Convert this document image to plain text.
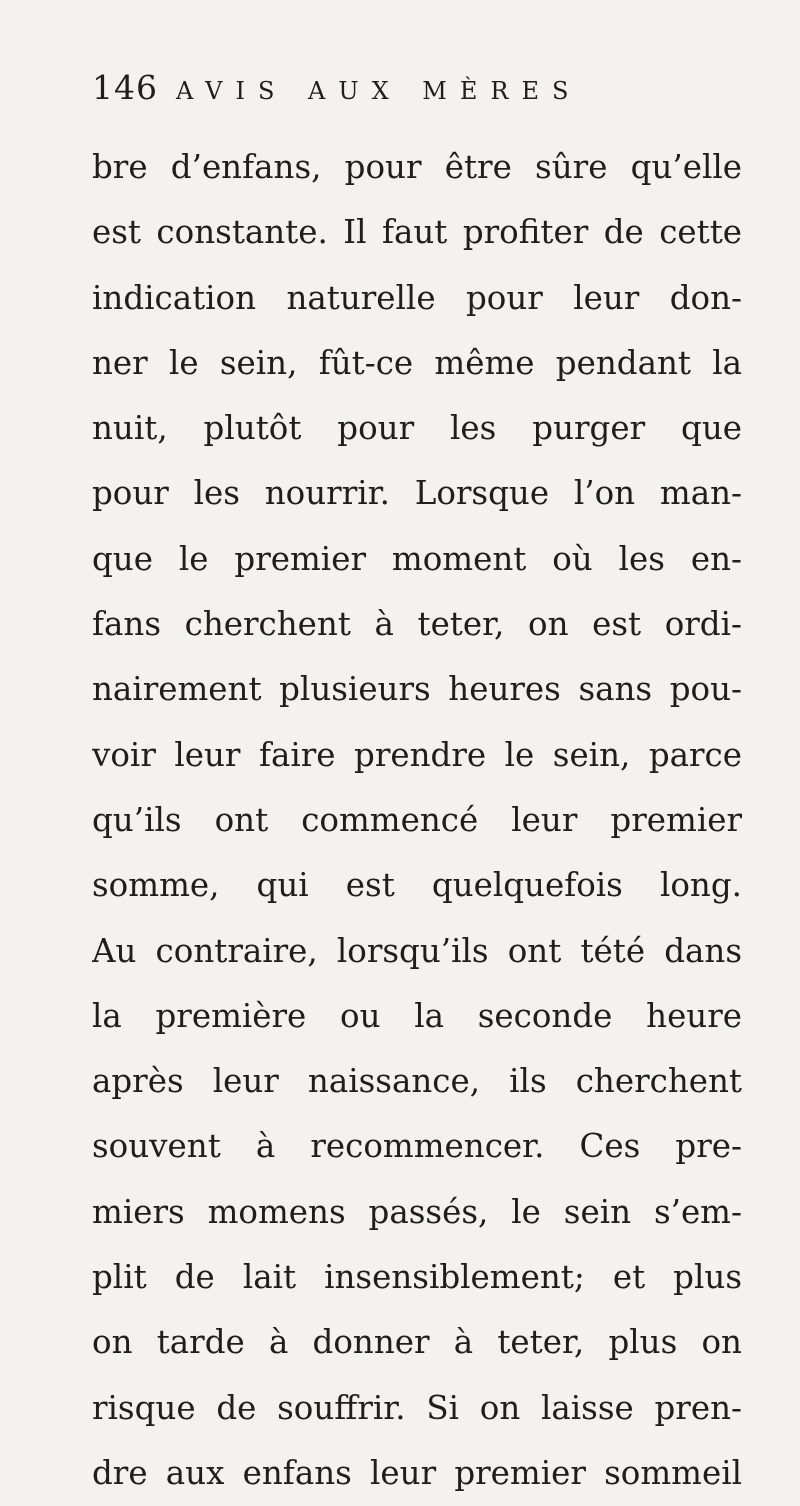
146 AVIS AUX MÈRES
bre d’enfans, pour être sûre qu’elle
est constante. Il faut profiter de cette
indication naturelle pour leur don-
ner le sein, fût-ce même pendant la
nuit, plutôt pour les purger que
pour les nourrir. Lorsque l’on man-
que le premier moment où les en-
fans cherchent à teter, on est ordi-
nairement plusieurs heures sans pou-
voir leur faire prendre le sein, parce
qu’ils ont commencé leur premier
somme, qui est quelquefois long.
Au contraire, lorsqu’ils ont tété dans
la première ou la seconde heure
après leur naissance, ils cherchent
souvent à recommencer. Ces pre-
miers momens passés, le sein s’em-
plit de lait insensiblement; et plus
on tarde à donner à teter, plus on
risque de souffrir. Si on laisse pren-
dre aux enfans leur premier sommeil
